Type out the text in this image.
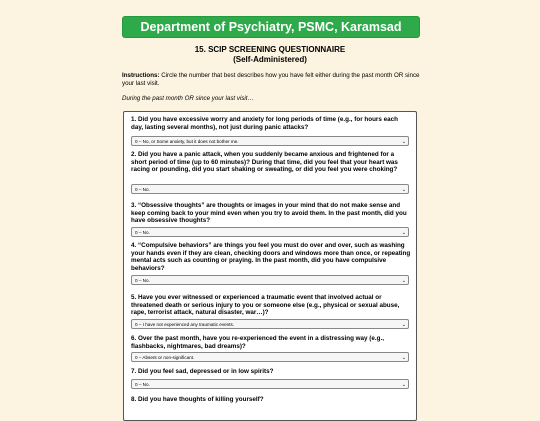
Department of Psychiatry, PSMC, Karamsad
15. SCIP SCREENING QUESTIONNAIRE
(Self-Administered)
Instructions: Circle the number that best describes how you have felt either during the past month OR since your last visit.
During the past month OR since your last visit…
1. Did you have excessive worry and anxiety for long periods of time (e.g., for hours each day, lasting several months), not just during panic attacks?
0 – No, or Some anxiety, but it does not bother me.	⌄
2. Did you have a panic attack, when you suddenly became anxious and frightened for a short period of time (up to 60 minutes)? During that time, did you feel that your heart was racing or pounding, did you start shaking or sweating, or did you feel you were choking?
0 – No.	⌄
3. “Obsessive thoughts” are thoughts or images in your mind that do not make sense and keep coming back to your mind even when you try to avoid them. In the past month, did you have obsessive thoughts?
0 – No.	⌄
4. “Compulsive behaviors” are things you feel you must do over and over, such as washing your hands even if they are clean, checking doors and windows more than once, or repeating mental acts such as counting or praying. In the past month, did you have compulsive behaviors?
0 – No.	⌄
5. Have you ever witnessed or experienced a traumatic event that involved actual or threatened death or serious injury to you or someone else (e.g., physical or sexual abuse, rape, terrorist attack, natural disaster, war…)?
0 – I have not experienced any traumatic events.	⌄
6. Over the past month, have you re-experienced the event in a distressing way (e.g., flashbacks, nightmares, bad dreams)?
0 – Absent or non-significant.	⌄
7. Did you feel sad, depressed or in low spirits?
0 – No.	⌄
8. Did you have thoughts of killing yourself?
